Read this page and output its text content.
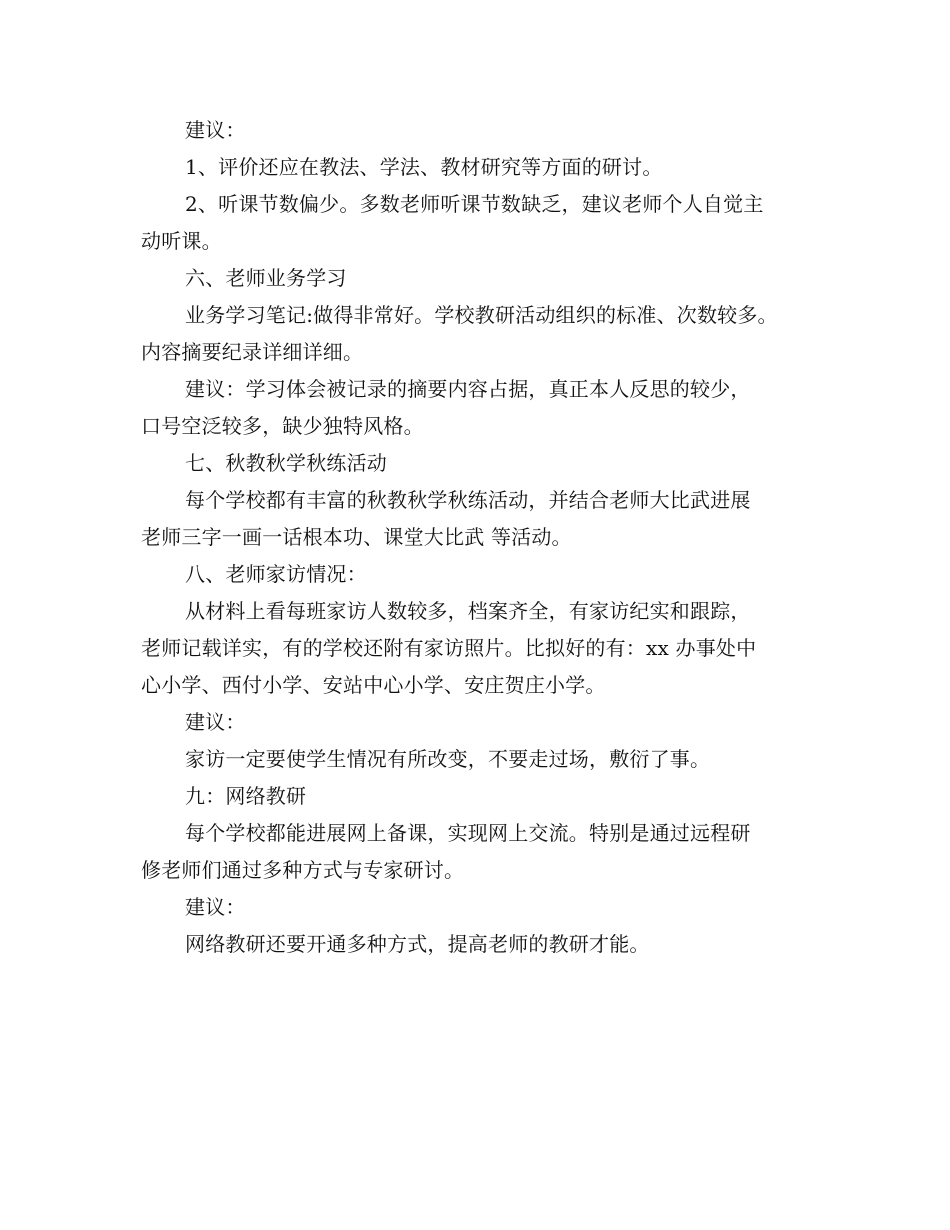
建议：
1、评价还应在教法、学法、教材研究等方面的研讨。
2、听课节数偏少。多数老师听课节数缺乏，建议老师个人自觉主
动听课。
六、老师业务学习
业务学习笔记:做得非常好。学校教研活动组织的标准、次数较多。
内容摘要纪录详细详细。
建议：学习体会被记录的摘要内容占据，真正本人反思的较少，
口号空泛较多，缺少独特风格。
七、秋教秋学秋练活动
每个学校都有丰富的秋教秋学秋练活动，并结合老师大比武进展
老师三字一画一话根本功、课堂大比武 等活动。
八、老师家访情况：
从材料上看每班家访人数较多，档案齐全，有家访纪实和跟踪，
老师记载详实，有的学校还附有家访照片。比拟好的有：xx 办事处中
心小学、西付小学、安站中心小学、安庄贺庄小学。
建议：
家访一定要使学生情况有所改变，不要走过场，敷衍了事。
九：网络教研
每个学校都能进展网上备课，实现网上交流。特别是通过远程研
修老师们通过多种方式与专家研讨。
建议：
网络教研还要开通多种方式，提高老师的教研才能。
